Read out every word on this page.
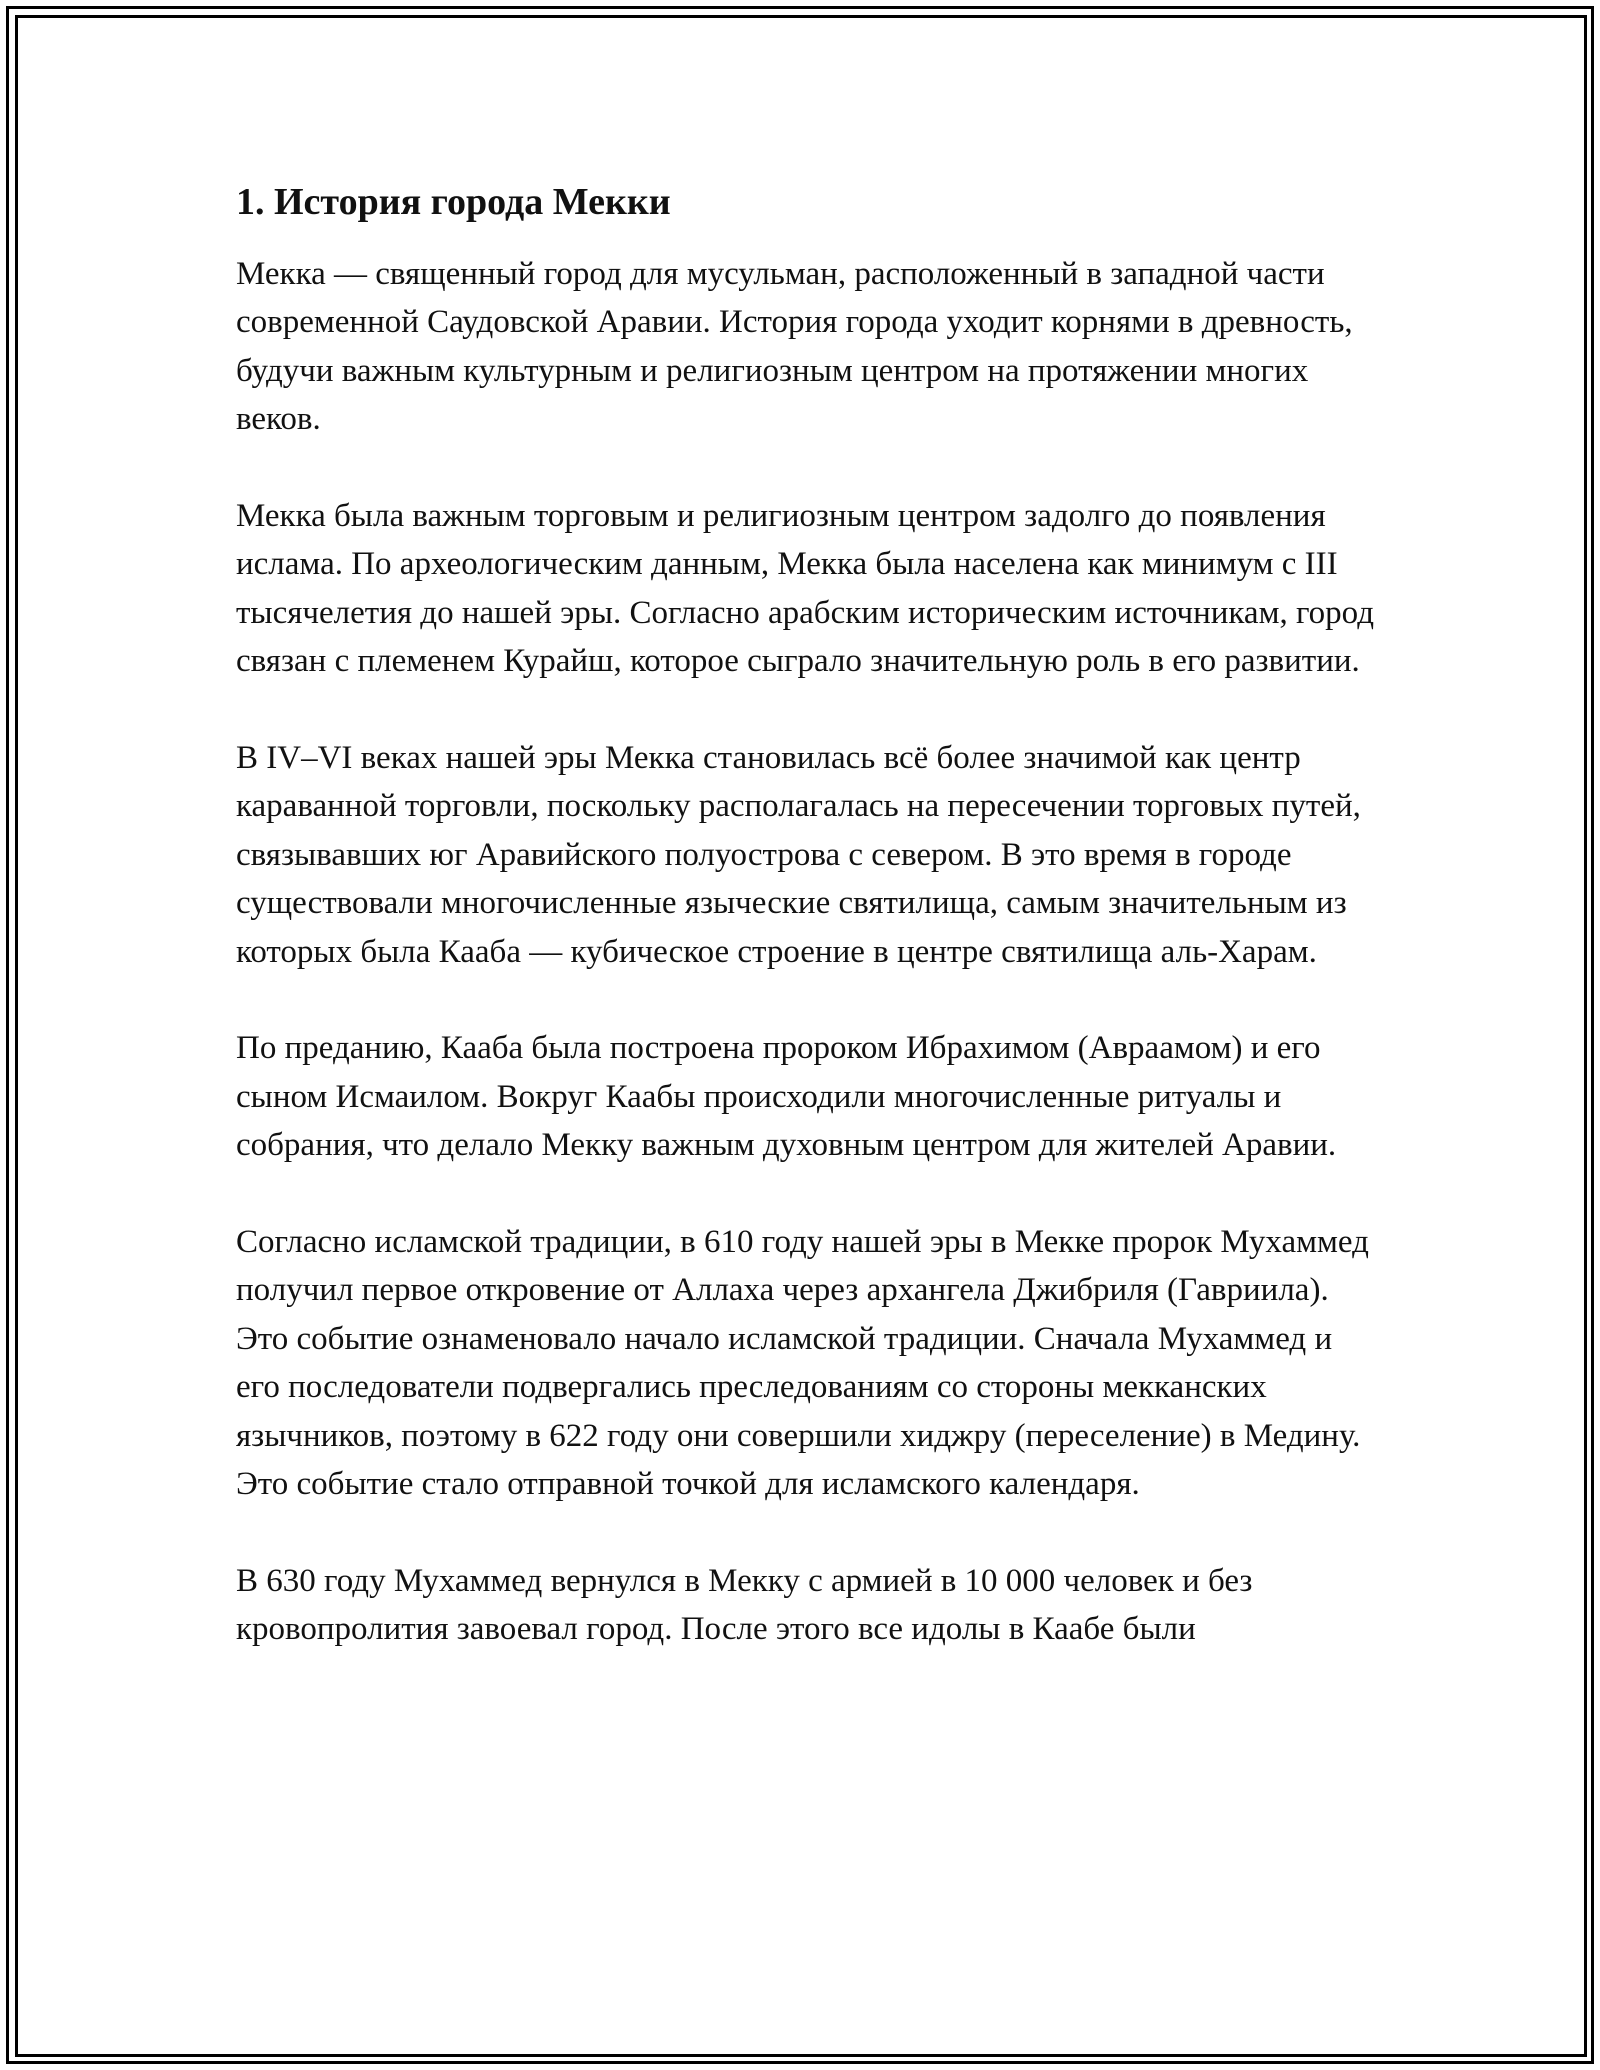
1. История города Мекки

Мекка — священный город для мусульман, расположенный в западной части современной Саудовской Аравии. История города уходит корнями в древность, будучи важным культурным и религиозным центром на протяжении многих веков.

Мекка была важным торговым и религиозным центром задолго до появления ислама. По археологическим данным, Мекка была населена как минимум с III тысячелетия до нашей эры. Согласно арабским историческим источникам, город связан с племенем Курайш, которое сыграло значительную роль в его развитии.

В IV–VI веках нашей эры Мекка становилась всё более значимой как центр караванной торговли, поскольку располагалась на пересечении торговых путей, связывавших юг Аравийского полуострова с севером. В это время в городе существовали многочисленные языческие святилища, самым значительным из которых была Кааба — кубическое строение в центре святилища аль-Харам.

По преданию, Кааба была построена пророком Ибрахимом (Авраамом) и его сыном Исмаилом. Вокруг Каабы происходили многочисленные ритуалы и собрания, что делало Мекку важным духовным центром для жителей Аравии.

Согласно исламской традиции, в 610 году нашей эры в Мекке пророк Мухаммед получил первое откровение от Аллаха через архангела Джибриля (Гавриила). Это событие ознаменовало начало исламской традиции. Сначала Мухаммед и его последователи подвергались преследованиям со стороны мекканских язычников, поэтому в 622 году они совершили хиджру (переселение) в Медину. Это событие стало отправной точкой для исламского календаря.

В 630 году Мухаммед вернулся в Мекку с армией в 10 000 человек и без кровопролития завоевал город. После этого все идолы в Каабе были
